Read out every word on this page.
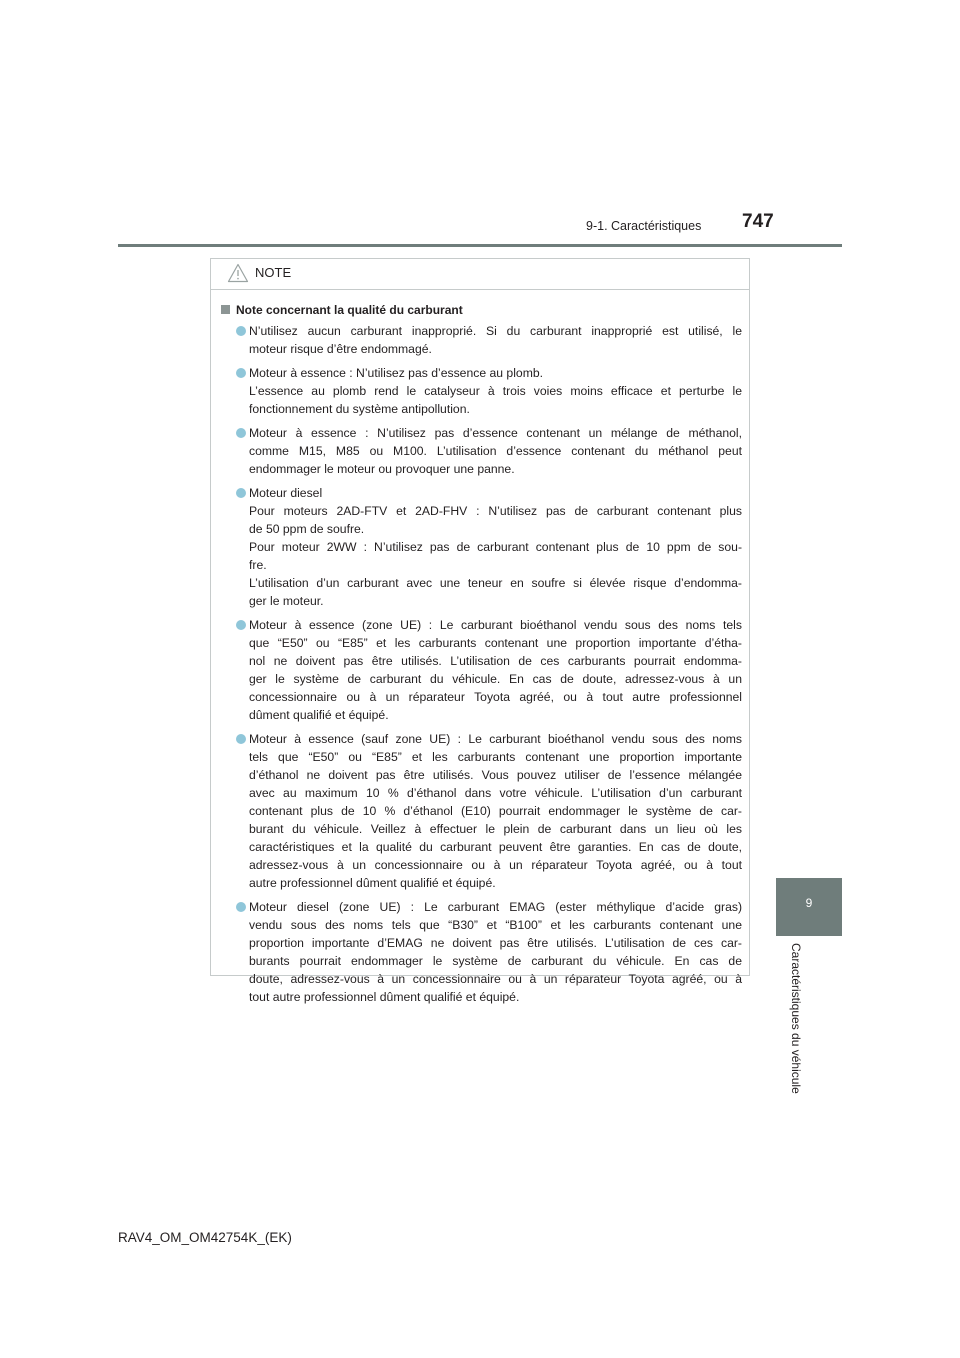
9-1. Caractéristiques 747
9
Caractéristiques du véhicule
NOTE
Note concernant la qualité du carburant
N’utilisez aucun carburant inapproprié. Si du carburant inapproprié est utilisé, le
moteur risque d’être endommagé.
Moteur à essence : N’utilisez pas d’essence au plomb.
L’essence au plomb rend le catalyseur à trois voies moins efficace et perturbe le
fonctionnement du système antipollution.
Moteur à essence : N’utilisez pas d’essence contenant un mélange de méthanol,
comme M15, M85 ou M100. L’utilisation d’essence contenant du méthanol peut
endommager le moteur ou provoquer une panne.
Moteur diesel
Pour moteurs 2AD-FTV et 2AD-FHV : N’utilisez pas de carburant contenant plus
de 50 ppm de soufre.
Pour moteur 2WW : N’utilisez pas de carburant contenant plus de 10 ppm de sou-
fre.
L’utilisation d’un carburant avec une teneur en soufre si élevée risque d’endomma-
ger le moteur.
Moteur à essence (zone UE) : Le carburant bioéthanol vendu sous des noms tels
que “E50” ou “E85” et les carburants contenant une proportion importante d’étha-
nol ne doivent pas être utilisés. L’utilisation de ces carburants pourrait endomma-
ger le système de carburant du véhicule. En cas de doute, adressez-vous à un
concessionnaire ou à un réparateur Toyota agréé, ou à tout autre professionnel
dûment qualifié et équipé.
Moteur à essence (sauf zone UE) : Le carburant bioéthanol vendu sous des noms
tels que “E50” ou “E85” et les carburants contenant une proportion importante
d’éthanol ne doivent pas être utilisés. Vous pouvez utiliser de l’essence mélangée
avec au maximum 10 % d’éthanol dans votre véhicule. L’utilisation d’un carburant
contenant plus de 10 % d’éthanol (E10) pourrait endommager le système de car-
burant du véhicule. Veillez à effectuer le plein de carburant dans un lieu où les
caractéristiques et la qualité du carburant peuvent être garanties. En cas de doute,
adressez-vous à un concessionnaire ou à un réparateur Toyota agréé, ou à tout
autre professionnel dûment qualifié et équipé.
Moteur diesel (zone UE) : Le carburant EMAG (ester méthylique d’acide gras)
vendu sous des noms tels que “B30” et “B100” et les carburants contenant une
proportion importante d’EMAG ne doivent pas être utilisés. L’utilisation de ces car-
burants pourrait endommager le système de carburant du véhicule. En cas de
doute, adressez-vous à un concessionnaire ou à un réparateur Toyota agréé, ou à
tout autre professionnel dûment qualifié et équipé.
RAV4_OM_OM42754K_(EK)
